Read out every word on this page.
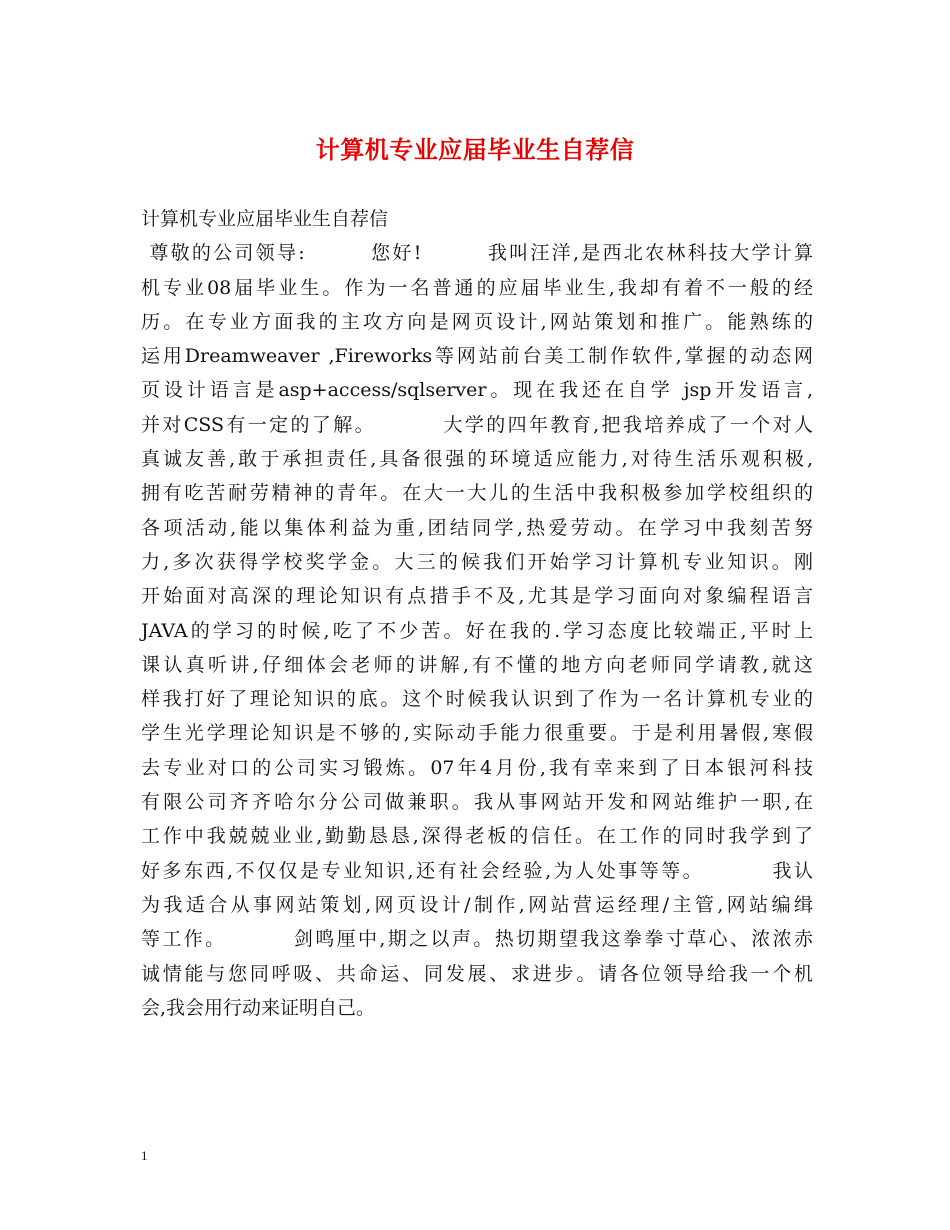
计算机专业应届毕业生自荐信
计算机专业应届毕业生自荐信
尊敬的公司领导:        您好!        我叫汪洋,是西北农林科技大学计算
机专业08届毕业生。作为一名普通的应届毕业生,我却有着不一般的经
历。在专业方面我的主攻方向是网页设计,网站策划和推广。能熟练的
运用Dreamweaver ,Fireworks等网站前台美工制作软件,掌握的动态网
页设计语言是asp+access/sqlserver。现在我还在自学 jsp开发语言,
并对CSS有一定的了解。        大学的四年教育,把我培养成了一个对人
真诚友善,敢于承担责任,具备很强的环境适应能力,对待生活乐观积极,
拥有吃苦耐劳精神的青年。在大一大儿的生活中我积极参加学校组织的
各项活动,能以集体利益为重,团结同学,热爱劳动。在学习中我刻苦努
力,多次获得学校奖学金。大三的候我们开始学习计算机专业知识。刚
开始面对高深的理论知识有点措手不及,尤其是学习面向对象编程语言
JAVA的学习的时候,吃了不少苦。好在我的.学习态度比较端正,平时上
课认真听讲,仔细体会老师的讲解,有不懂的地方向老师同学请教,就这
样我打好了理论知识的底。这个时候我认识到了作为一名计算机专业的
学生光学理论知识是不够的,实际动手能力很重要。于是利用暑假,寒假
去专业对口的公司实习锻炼。07年4月份,我有幸来到了日本银河科技
有限公司齐齐哈尔分公司做兼职。我从事网站开发和网站维护一职,在
工作中我兢兢业业,勤勤恳恳,深得老板的信任。在工作的同时我学到了
好多东西,不仅仅是专业知识,还有社会经验,为人处事等等。        我认
为我适合从事网站策划,网页设计/制作,网站营运经理/主管,网站编缉
等工作。        剑鸣厘中,期之以声。热切期望我这拳拳寸草心、浓浓赤
诚情能与您同呼吸、共命运、同发展、求进步。请各位领导给我一个机
会,我会用行动来证明自己。
1
